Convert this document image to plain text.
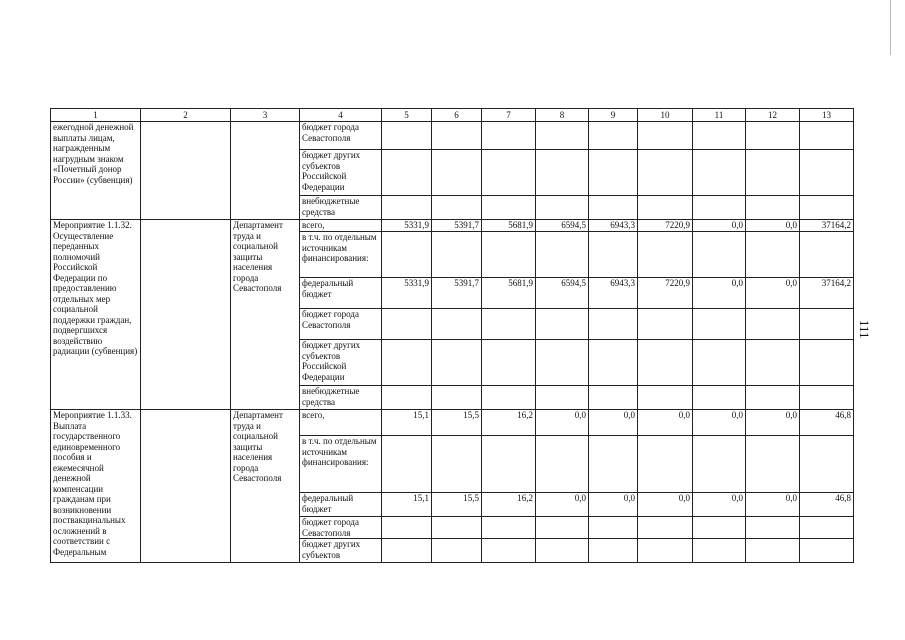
111
1	2	3	4	5	6	7	8	9	10	11	12	13
ежегодной денежной выплаты лицам, награжденным нагрудным знаком «Почетный донор России» (субвенция)			бюджет города Севастополя									
			бюджет других субъектов Российской Федерации									
			внебюджетные средства									
Мероприятие 1.1.32. Осуществление переданных полномочий Российской Федерации по предоставлению отдельных мер социальной поддержки граждан, подвергшихся воздействию радиации (субвенция)		Департамент труда и социальной защиты населения города Севастополя	всего,	5331,9	5391,7	5681,9	6594,5	6943,3	7220,9	0,0	0,0	37164,2
			в т.ч. по отдельным источникам финансирования:									
			федеральный бюджет	5331,9	5391,7	5681,9	6594,5	6943,3	7220,9	0,0	0,0	37164,2
			бюджет города Севастополя									
			бюджет других субъектов Российской Федерации									
			внебюджетные средства									
Мероприятие 1.1.33. Выплата государственного единовременного пособия и ежемесячной денежной компенсации гражданам при возникновении поствакцинальных осложнений в соответствии с Федеральным		Департамент труда и социальной защиты населения города Севастополя	всего,	15,1	15,5	16,2	0,0	0,0	0,0	0,0	0,0	46,8
			в т.ч. по отдельным источникам финансирования:									
			федеральный бюджет	15,1	15,5	16,2	0,0	0,0	0,0	0,0	0,0	46,8
			бюджет города Севастополя									
			бюджет других субъектов									
